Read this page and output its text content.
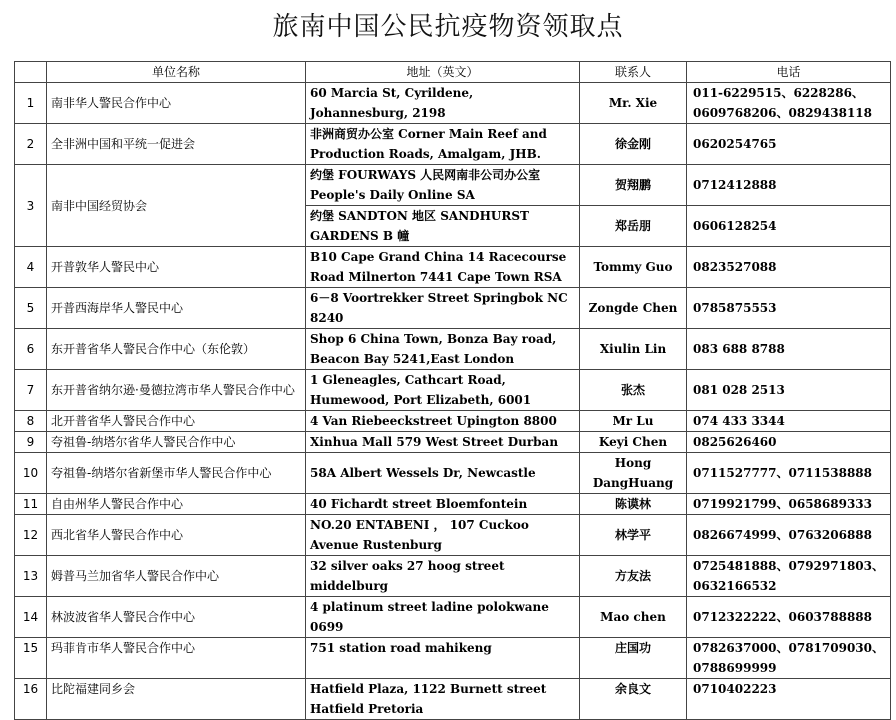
旅南中国公民抗疫物资领取点
	单位名称	地址（英文）	联系人	电话
1	南非华人警民合作中心	60 Marcia St, Cyrildene, Johannesburg, 2198	Mr. Xie	011-6229515、6228286、0609768206、0829438118
2	全非洲中国和平统一促进会	非洲商贸办公室 Corner Main Reef and Production Roads, Amalgam, JHB.	徐金刚	0620254765
3	南非中国经贸协会	约堡 FOURWAYS 人民网南非公司办公室 People's Daily Online SA	贺翔鹏	0712412888
		约堡 SANDTON 地区 SANDHURST GARDENS B 幢	郑岳朋	0606128254
4	开普敦华人警民中心	B10 Cape Grand China 14 Racecourse Road Milnerton 7441 Cape Town RSA	Tommy Guo	0823527088
5	开普西海岸华人警民中心	6－8 Voortrekker Street Springbok NC 8240	Zongde Chen	0785875553
6	东开普省华人警民合作中心（东伦敦）	Shop 6 China Town, Bonza Bay road, Beacon Bay 5241,East London	Xiulin Lin	083 688 8788
7	东开普省纳尔逊·曼德拉湾市华人警民合作中心	1 Gleneagles, Cathcart Road, Humewood, Port Elizabeth, 6001	张杰	081 028 2513
8	北开普省华人警民合作中心	4 Van Riebeeckstreet Upington 8800	Mr Lu	074 433 3344
9	夸祖鲁-纳塔尔省华人警民合作中心	Xinhua Mall 579 West Street Durban	Keyi Chen	0825626460
10	夸祖鲁-纳塔尔省新堡市华人警民合作中心	58A Albert Wessels Dr, Newcastle	Hong DangHuang	0711527777、0711538888
11	自由州华人警民合作中心	40 Fichardt street Bloemfontein	陈谟林	0719921799、0658689333
12	西北省华人警民合作中心	NO.20 ENTABENI ， 107 Cuckoo Avenue Rustenburg	林学平	0826674999、0763206888
13	姆普马兰加省华人警民合作中心	32 silver oaks 27 hoog street middelburg	方友法	0725481888、0792971803、0632166532
14	林波波省华人警民合作中心	4 platinum street ladine polokwane 0699	Mao chen	0712322222、0603788888
15	玛菲肯市华人警民合作中心	751 station road mahikeng	庄国功	0782637000、0781709030、0788699999
16	比陀福建同乡会	Hatfield Plaza, 1122 Burnett street Hatfield Pretoria	余良文	0710402223
